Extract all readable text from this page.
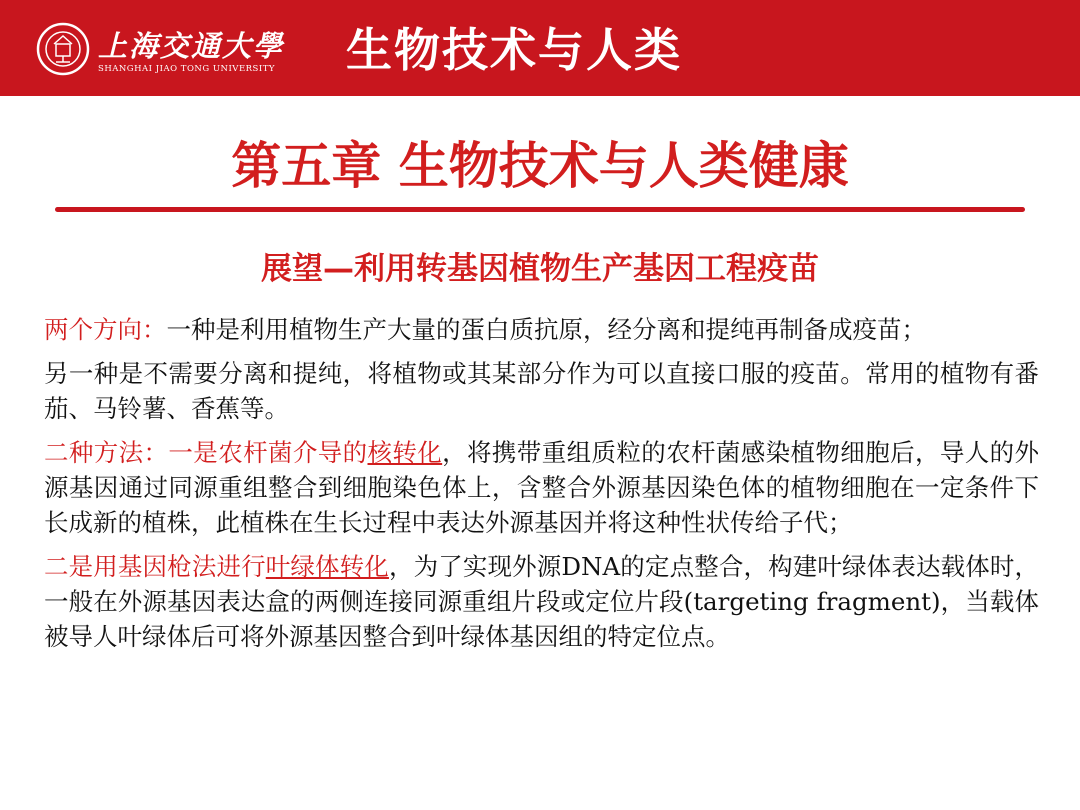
上海交通大學
SHANGHAI JIAO TONG UNIVERSITY 生物技术与人类
第五章 生物技术与人类健康
展望—利用转基因植物生产基因工程疫苗

两个方向：一种是利用植物生产大量的蛋白质抗原，经分离和提纯再制备成疫苗；

另一种是不需要分离和提纯，将植物或其某部分作为可以直接口服的疫苗。常用的植物有番茄、马铃薯、香蕉等。

二种方法：一是农杆菌介导的核转化，将携带重组质粒的农杆菌感染植物细胞后，导人的外源基因通过同源重组整合到细胞染色体上，含整合外源基因染色体的植物细胞在一定条件下长成新的植株，此植株在生长过程中表达外源基因并将这种性状传给子代；

二是用基因枪法进行叶绿体转化，为了实现外源DNA的定点整合，构建叶绿体表达载体时，一般在外源基因表达盒的两侧连接同源重组片段或定位片段(targeting fragment)，当载体被导人叶绿体后可将外源基因整合到叶绿体基因组的特定位点。
